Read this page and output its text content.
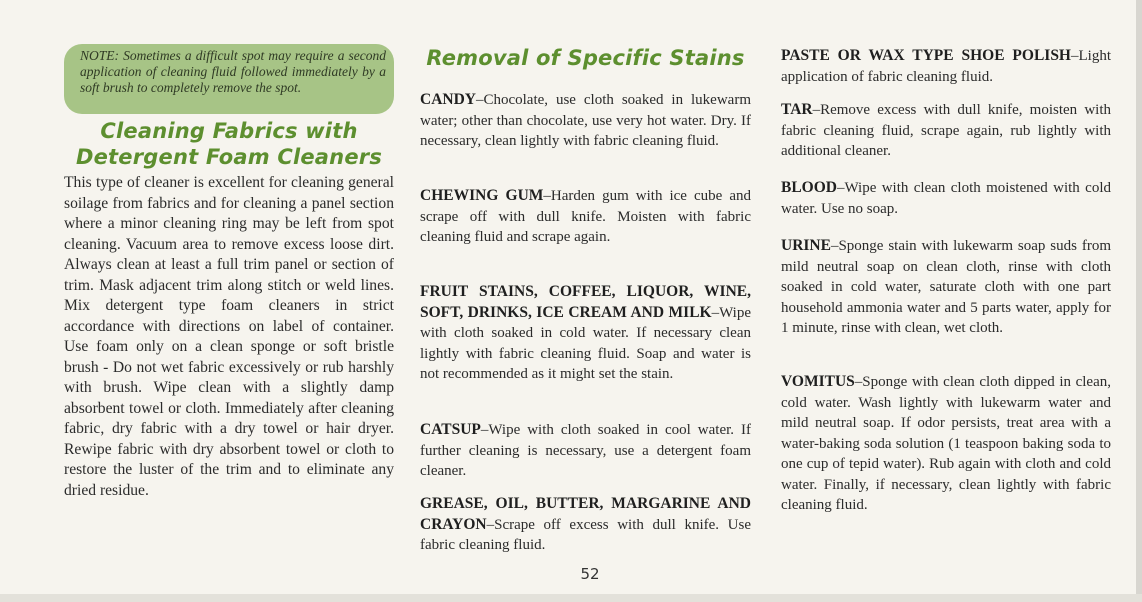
NOTE: Sometimes a difficult spot may require a second application of cleaning fluid followed immediately by a soft brush to completely remove the spot.
Cleaning Fabrics with
Detergent Foam Cleaners
This type of cleaner is excellent for cleaning general soilage from fabrics and for cleaning a panel section where a minor cleaning ring may be left from spot cleaning. Vacuum area to remove excess loose dirt. Always clean at least a full trim panel or section of trim. Mask adjacent trim along stitch or weld lines. Mix detergent type foam cleaners in strict accordance with directions on label of container. Use foam only on a clean sponge or soft bristle brush - Do not wet fabric excessively or rub harshly with brush. Wipe clean with a slightly damp absorbent towel or cloth. Immediately after cleaning fabric, dry fabric with a dry towel or hair dryer. Rewipe fabric with dry absorbent towel or cloth to restore the luster of the trim and to eliminate any dried residue.
Removal of Specific Stains
CANDY–Chocolate, use cloth soaked in lukewarm water; other than chocolate, use very hot water. Dry. If necessary, clean lightly with fabric cleaning fluid.
CHEWING GUM–Harden gum with ice cube and scrape off with dull knife. Moisten with fabric cleaning fluid and scrape again.
FRUIT STAINS, COFFEE, LIQUOR, WINE, SOFT, DRINKS, ICE CREAM AND MILK–Wipe with cloth soaked in cold water. If necessary clean lightly with fabric cleaning fluid. Soap and water is not recommended as it might set the stain.
CATSUP–Wipe with cloth soaked in cool water. If further cleaning is necessary, use a detergent foam cleaner.
GREASE, OIL, BUTTER, MARGARINE AND CRAYON–Scrape off excess with dull knife. Use fabric cleaning fluid.
PASTE OR WAX TYPE SHOE POLISH–Light application of fabric cleaning fluid.
TAR–Remove excess with dull knife, moisten with fabric cleaning fluid, scrape again, rub lightly with additional cleaner.
BLOOD–Wipe with clean cloth moistened with cold water. Use no soap.
URINE–Sponge stain with lukewarm soap suds from mild neutral soap on clean cloth, rinse with cloth soaked in cold water, saturate cloth with one part household ammonia water and 5 parts water, apply for 1 minute, rinse with clean, wet cloth.
VOMITUS–Sponge with clean cloth dipped in clean, cold water. Wash lightly with lukewarm water and mild neutral soap. If odor persists, treat area with a water-baking soda solution (1 teaspoon baking soda to one cup of tepid water). Rub again with cloth and cold water. Finally, if necessary, clean lightly with fabric cleaning fluid.
52
